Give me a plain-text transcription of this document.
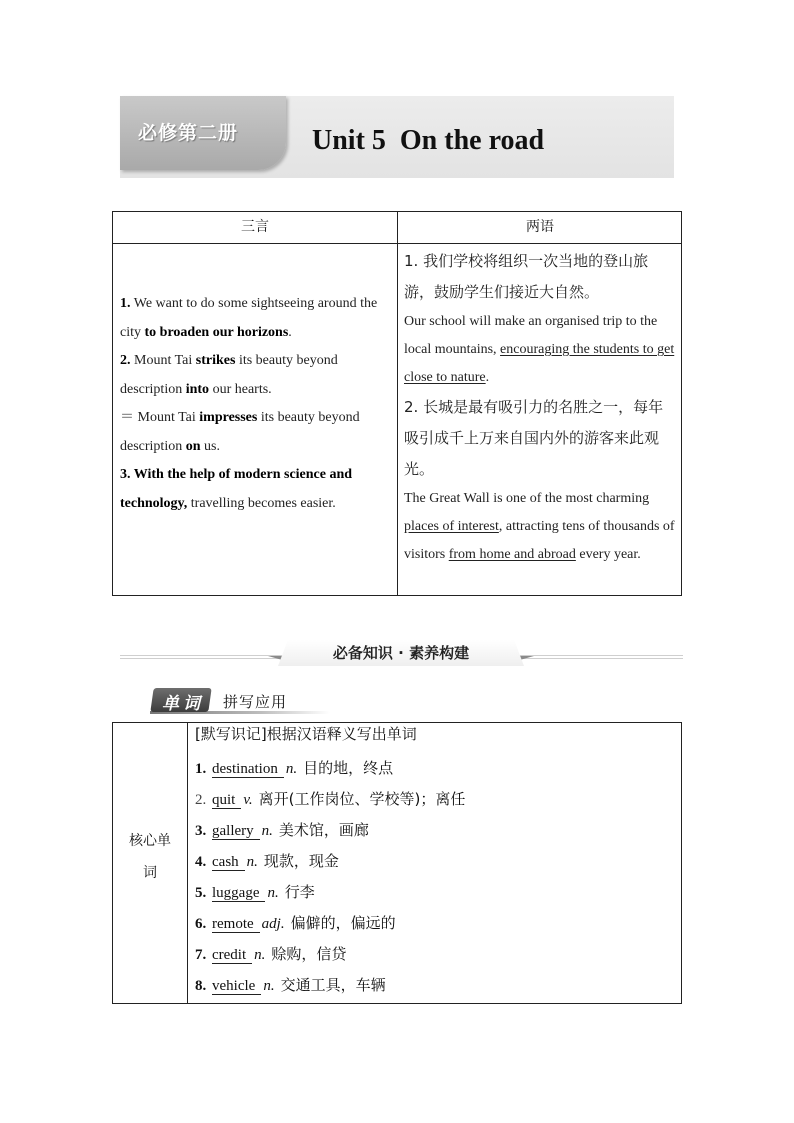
必修第二册	Unit 5  On the road
三言	两语
1. We want to do some sightseeing around the city to broaden our horizons.
2. Mount Tai strikes its beauty beyond description into our hearts.
＝ Mount Tai impresses its beauty beyond description on us.
3. With the help of modern science and technology, travelling becomes easier.
1. 我们学校将组织一次当地的登山旅游，鼓励学生们接近大自然。
Our school will make an organised trip to the local mountains, encouraging the students to get close to nature.
2. 长城是最有吸引力的名胜之一，每年吸引成千上万来自国内外的游客来此观光。
The Great Wall is one of the most charming places of interest, attracting tens of thousands of visitors from home and abroad every year.
必备知识 · 素养构建
单词	拼写应用
核心单
词
[默写识记]根据汉语释义写出单词
1. destination n. 目的地，终点
2. quit v. 离开(工作岗位、学校等)；离任
3. gallery n. 美术馆，画廊
4. cash n. 现款，现金
5. luggage n. 行李
6. remote adj. 偏僻的，偏远的
7. credit n. 赊购，信贷
8. vehicle n. 交通工具，车辆
